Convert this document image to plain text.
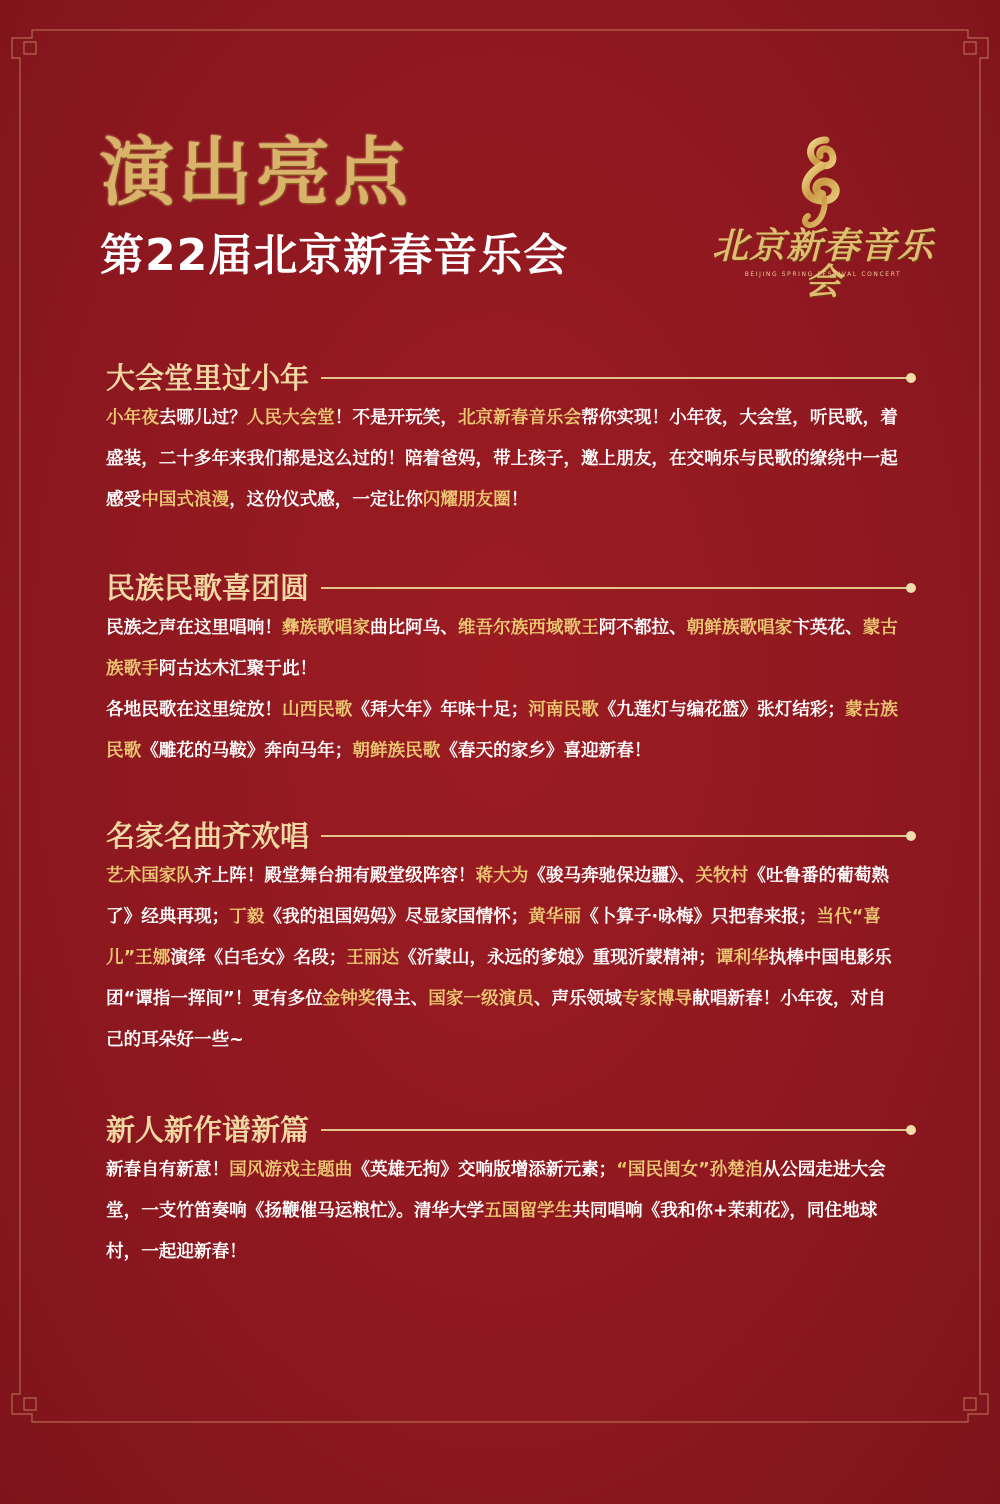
演出亮点
第22届北京新春音乐会	北京新春音乐会
BEIJING SPRING FESTIVAL CONCERT
大会堂里过小年

小年夜去哪儿过？人民大会堂！不是开玩笑，北京新春音乐会帮你实现！小年夜，大会堂，听民歌，着盛装，二十多年来我们都是这么过的！陪着爸妈，带上孩子，邀上朋友，在交响乐与民歌的缭绕中一起感受中国式浪漫，这份仪式感，一定让你闪耀朋友圈！

民族民歌喜团圆

民族之声在这里唱响！彝族歌唱家曲比阿乌、维吾尔族西域歌王阿不都拉、朝鲜族歌唱家卞英花、蒙古族歌手阿古达木汇聚于此！

各地民歌在这里绽放！山西民歌《拜大年》年味十足；河南民歌《九莲灯与编花篮》张灯结彩；蒙古族民歌《雕花的马鞍》奔向马年；朝鲜族民歌《春天的家乡》喜迎新春！

名家名曲齐欢唱

艺术国家队齐上阵！殿堂舞台拥有殿堂级阵容！蒋大为《骏马奔驰保边疆》、关牧村《吐鲁番的葡萄熟了》经典再现；丁毅《我的祖国妈妈》尽显家国情怀；黄华丽《卜算子·咏梅》只把春来报；当代“喜儿”王娜演绎《白毛女》名段；王丽达《沂蒙山，永远的爹娘》重现沂蒙精神；谭利华执棒中国电影乐团“谭指一挥间”！更有多位金钟奖得主、国家一级演员、声乐领域专家博导献唱新春！小年夜，对自己的耳朵好一些~

新人新作谱新篇

新春自有新意！国风游戏主题曲《英雄无拘》交响版增添新元素；“国民闺女”孙楚洎从公园走进大会堂，一支竹笛奏响《扬鞭催马运粮忙》。清华大学五国留学生共同唱响《我和你+茉莉花》，同住地球村，一起迎新春！
